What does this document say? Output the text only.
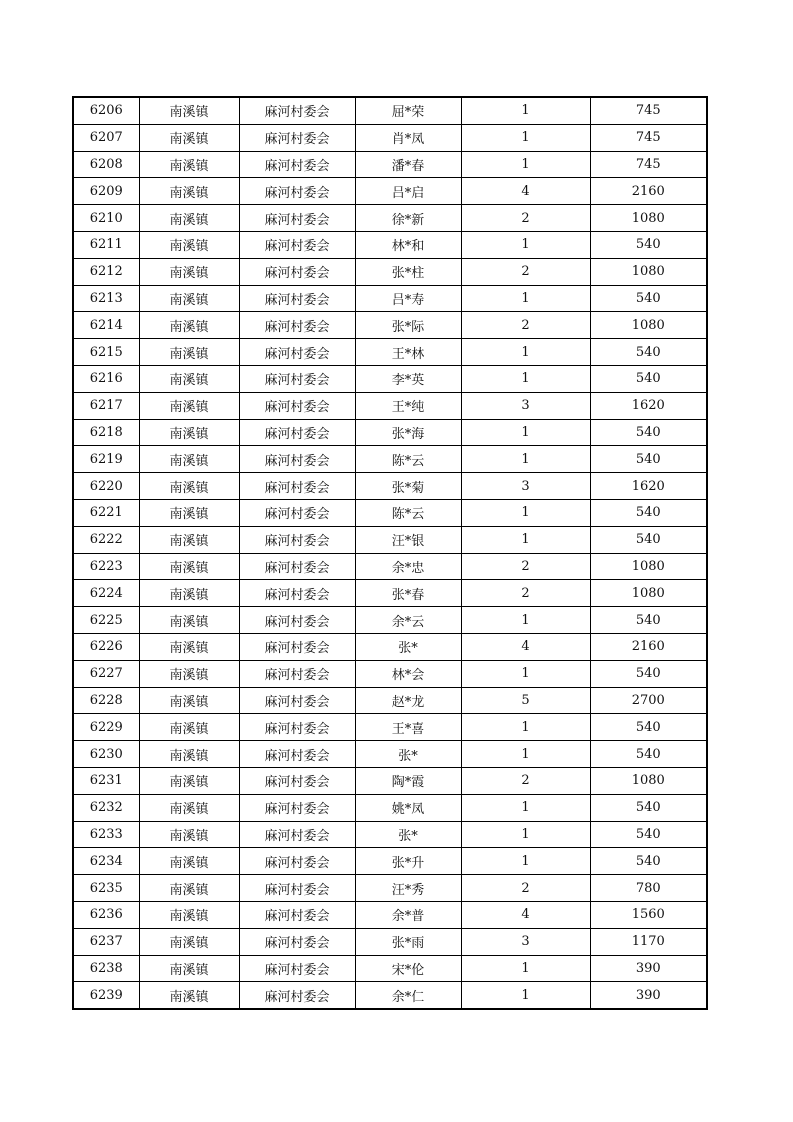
6206	南溪镇	麻河村委会	屈*荣	1	745
6207	南溪镇	麻河村委会	肖*凤	1	745
6208	南溪镇	麻河村委会	潘*春	1	745
6209	南溪镇	麻河村委会	吕*启	4	2160
6210	南溪镇	麻河村委会	徐*新	2	1080
6211	南溪镇	麻河村委会	林*和	1	540
6212	南溪镇	麻河村委会	张*柱	2	1080
6213	南溪镇	麻河村委会	吕*寿	1	540
6214	南溪镇	麻河村委会	张*际	2	1080
6215	南溪镇	麻河村委会	王*林	1	540
6216	南溪镇	麻河村委会	李*英	1	540
6217	南溪镇	麻河村委会	王*纯	3	1620
6218	南溪镇	麻河村委会	张*海	1	540
6219	南溪镇	麻河村委会	陈*云	1	540
6220	南溪镇	麻河村委会	张*菊	3	1620
6221	南溪镇	麻河村委会	陈*云	1	540
6222	南溪镇	麻河村委会	汪*银	1	540
6223	南溪镇	麻河村委会	余*忠	2	1080
6224	南溪镇	麻河村委会	张*春	2	1080
6225	南溪镇	麻河村委会	余*云	1	540
6226	南溪镇	麻河村委会	张*	4	2160
6227	南溪镇	麻河村委会	林*会	1	540
6228	南溪镇	麻河村委会	赵*龙	5	2700
6229	南溪镇	麻河村委会	王*喜	1	540
6230	南溪镇	麻河村委会	张*	1	540
6231	南溪镇	麻河村委会	陶*霞	2	1080
6232	南溪镇	麻河村委会	姚*凤	1	540
6233	南溪镇	麻河村委会	张*	1	540
6234	南溪镇	麻河村委会	张*升	1	540
6235	南溪镇	麻河村委会	汪*秀	2	780
6236	南溪镇	麻河村委会	余*普	4	1560
6237	南溪镇	麻河村委会	张*雨	3	1170
6238	南溪镇	麻河村委会	宋*伦	1	390
6239	南溪镇	麻河村委会	余*仁	1	390
